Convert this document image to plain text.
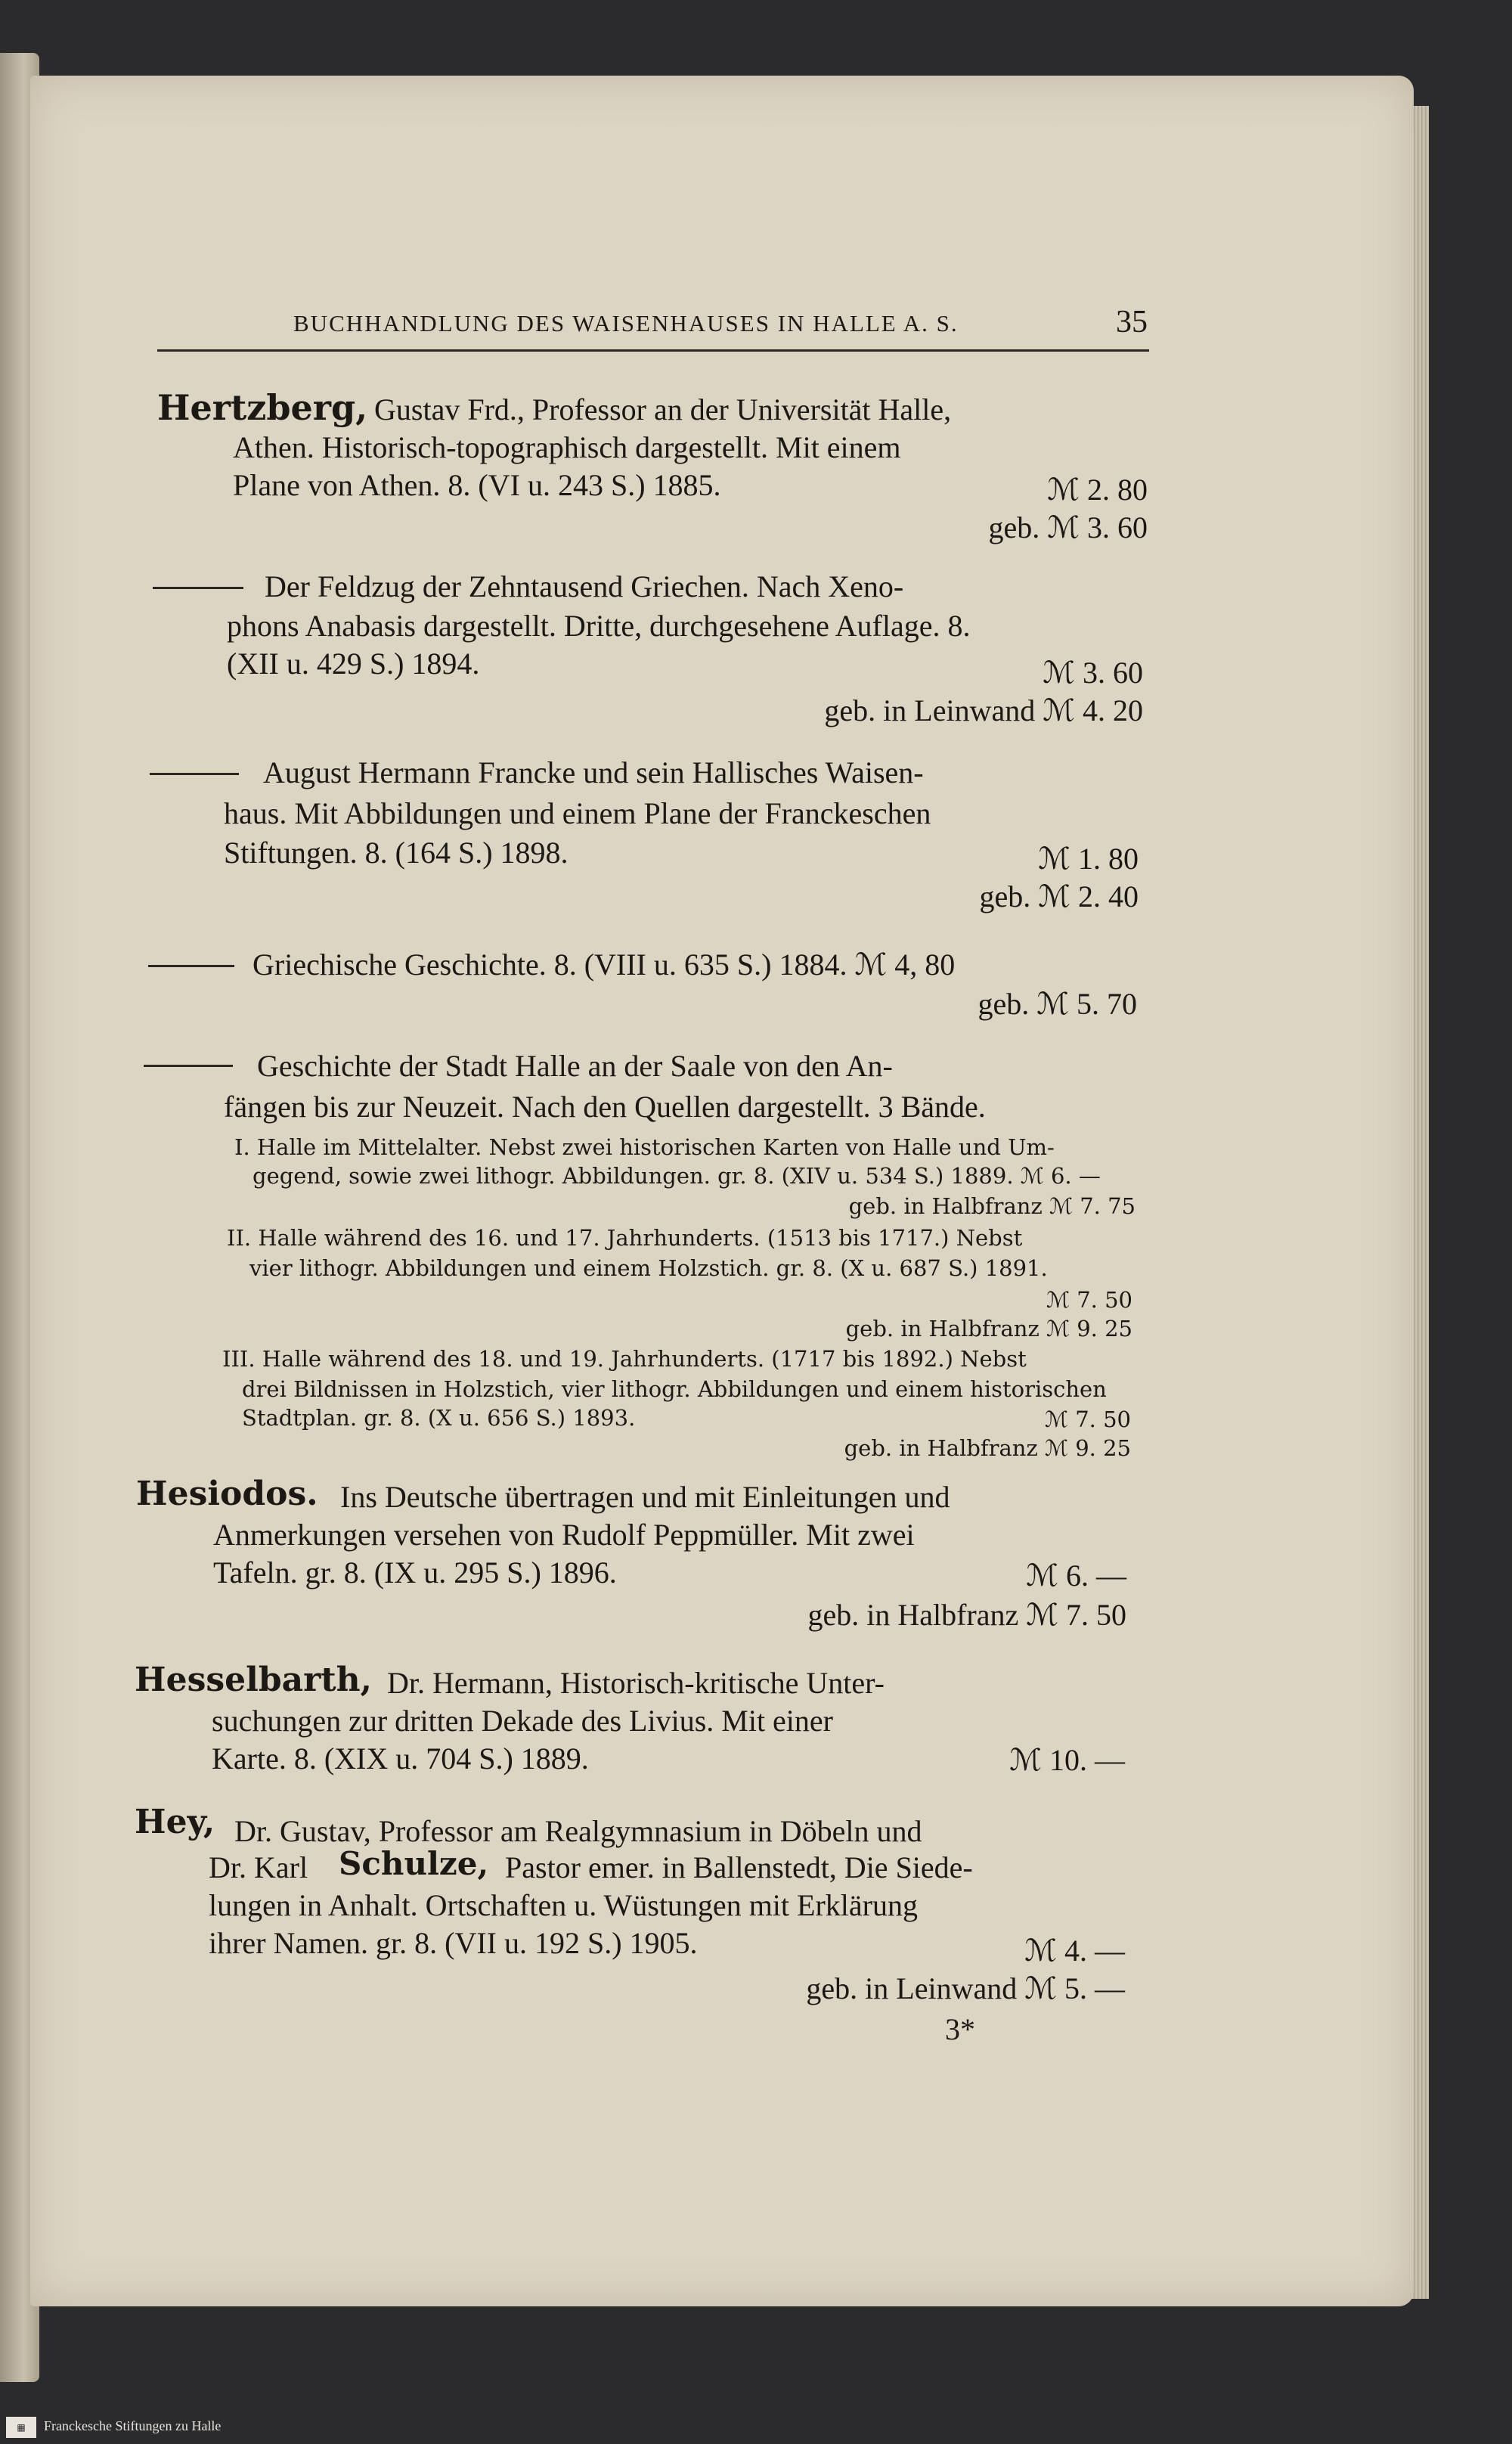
BUCHHANDLUNG DES WAISENHAUSES IN HALLE A. S.	35
Hertzberg, Gustav Frd., Professor an der Universität Halle,
Athen. Historisch-topographisch dargestellt. Mit einem
Plane von Athen. 8. (VI u. 243 S.) 1885.	ℳ 2. 80
geb. ℳ 3. 60
Der Feldzug der Zehntausend Griechen. Nach Xeno-
phons Anabasis dargestellt. Dritte, durchgesehene Auflage. 8.
(XII u. 429 S.) 1894.	ℳ 3. 60
geb. in Leinwand ℳ 4. 20
August Hermann Francke und sein Hallisches Waisen-
haus. Mit Abbildungen und einem Plane der Franckeschen
Stiftungen. 8. (164 S.) 1898.	ℳ 1. 80
geb. ℳ 2. 40
Griechische Geschichte. 8. (VIII u. 635 S.) 1884. ℳ 4, 80
geb. ℳ 5. 70
Geschichte der Stadt Halle an der Saale von den An-
fängen bis zur Neuzeit. Nach den Quellen dargestellt. 3 Bände.
I. Halle im Mittelalter. Nebst zwei historischen Karten von Halle und Um-
gegend, sowie zwei lithogr. Abbildungen. gr. 8. (XIV u. 534 S.) 1889. ℳ 6. —
geb. in Halbfranz ℳ 7. 75
II. Halle während des 16. und 17. Jahrhunderts. (1513 bis 1717.) Nebst
vier lithogr. Abbildungen und einem Holzstich. gr. 8. (X u. 687 S.) 1891.
ℳ 7. 50
geb. in Halbfranz ℳ 9. 25
III. Halle während des 18. und 19. Jahrhunderts. (1717 bis 1892.) Nebst
drei Bildnissen in Holzstich, vier lithogr. Abbildungen und einem historischen
Stadtplan. gr. 8. (X u. 656 S.) 1893.	ℳ 7. 50
geb. in Halbfranz ℳ 9. 25
Hesiodos. Ins Deutsche übertragen und mit Einleitungen und
Anmerkungen versehen von Rudolf Peppmüller. Mit zwei
Tafeln. gr. 8. (IX u. 295 S.) 1896.	ℳ 6. —
geb. in Halbfranz ℳ 7. 50
Hesselbarth, Dr. Hermann, Historisch-kritische Unter-
suchungen zur dritten Dekade des Livius. Mit einer
Karte. 8. (XIX u. 704 S.) 1889.	ℳ 10. —
Hey, Dr. Gustav, Professor am Realgymnasium in Döbeln und
Dr. Karl Schulze, Pastor emer. in Ballenstedt, Die Siede-
lungen in Anhalt. Ortschaften u. Wüstungen mit Erklärung
ihrer Namen. gr. 8. (VII u. 192 S.) 1905.	ℳ 4. —
geb. in Leinwand ℳ 5. —
3*
▦	Franckesche Stiftungen zu Halle
